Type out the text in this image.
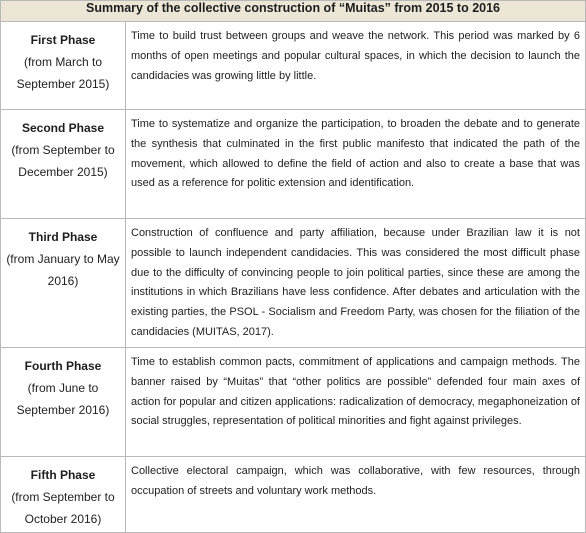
Summary of the collective construction of “Muitas” from 2015 to 2016	

First Phase
(from March to September 2015)	Time to build trust between groups and weave the network. This period was marked by 6 months of open meetings and popular cultural spaces, in which the decision to launch the candidacies was growing little by little.

Second Phase
(from September to December 2015)	Time to systematize and organize the participation, to broaden the debate and to generate the synthesis that culminated in the first public manifesto that indicated the path of the movement, which allowed to define the field of action and also to create a base that was used as a reference for politic extension and identification.

Third Phase
(from January to May 2016)	Construction of confluence and party affiliation, because under Brazilian law it is not possible to launch independent candidacies. This was considered the most difficult phase due to the difficulty of convincing people to join political parties, since these are among the institutions in which Brazilians have less confidence. After debates and articulation with the existing parties, the PSOL - Socialism and Freedom Party, was chosen for the filiation of the candidacies (MUITAS, 2017).

Fourth Phase
(from June to September 2016)	Time to establish common pacts, commitment of applications and campaign methods. The banner raised by “Muitas” that “other politics are possible” defended four main axes of action for popular and citizen applications: radicalization of democracy, megaphoneization of social struggles, representation of political minorities and fight against privileges.

Fifth Phase
(from September to October 2016)	Collective electoral campaign, which was collaborative, with few resources, through occupation of streets and voluntary work methods.
